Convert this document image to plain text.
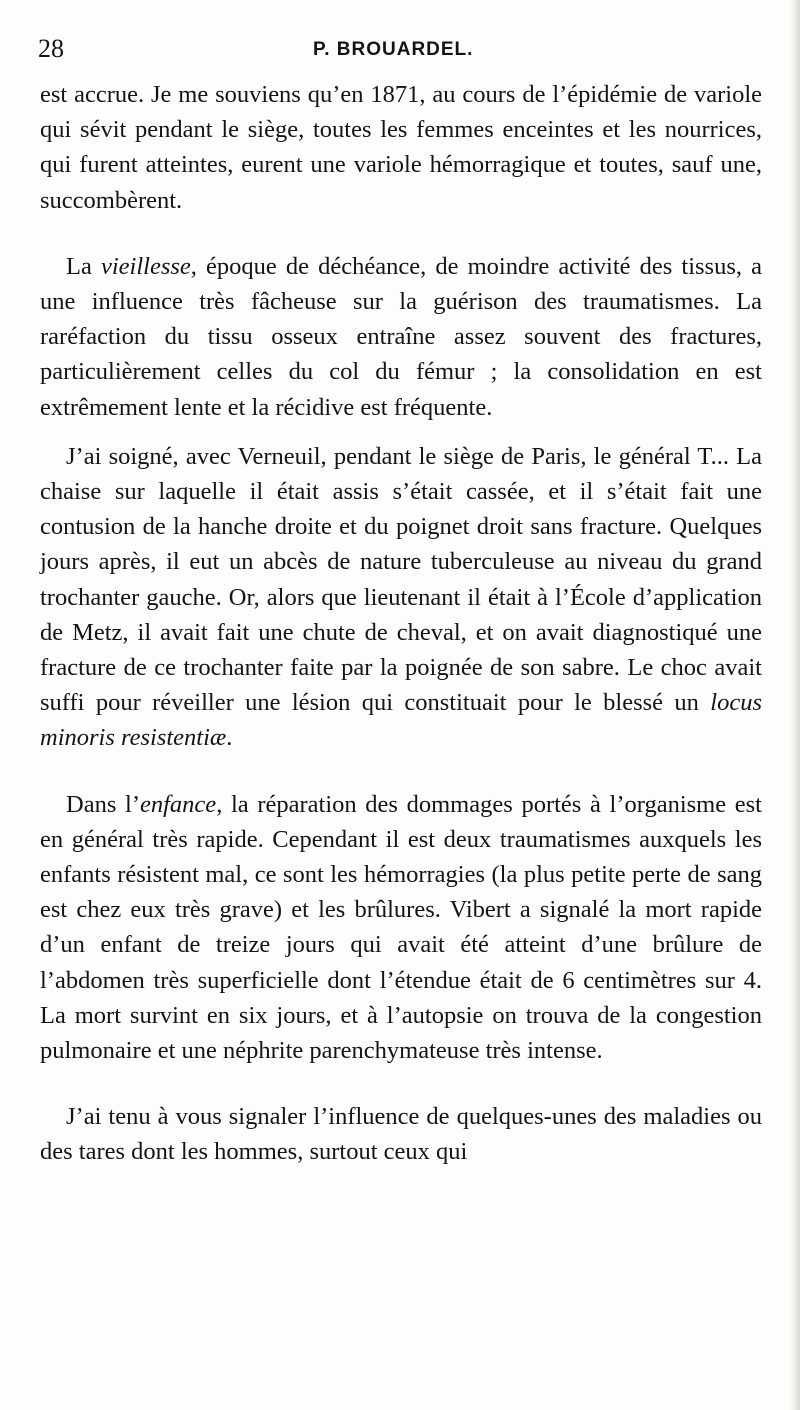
28	P. BROUARDEL.

est accrue. Je me souviens qu’en 1871, au cours de l’épidémie de variole qui sévit pendant le siège, toutes les femmes enceintes et les nourrices, qui furent atteintes, eurent une variole hémorragique et toutes, sauf une, succombèrent.

La vieillesse, époque de déchéance, de moindre activité des tissus, a une influence très fâcheuse sur la guérison des traumatismes. La raréfaction du tissu osseux entraîne assez souvent des fractures, particulièrement celles du col du fémur ; la consolidation en est extrêmement lente et la récidive est fréquente.

J’ai soigné, avec Verneuil, pendant le siège de Paris, le général T... La chaise sur laquelle il était assis s’était cassée, et il s’était fait une contusion de la hanche droite et du poignet droit sans fracture. Quelques jours après, il eut un abcès de nature tuberculeuse au niveau du grand trochanter gauche. Or, alors que lieutenant il était à l’École d’application de Metz, il avait fait une chute de cheval, et on avait diagnostiqué une fracture de ce trochanter faite par la poignée de son sabre. Le choc avait suffi pour réveiller une lésion qui constituait pour le blessé un locus minoris resistentiæ.

Dans l’enfance, la réparation des dommages portés à l’organisme est en général très rapide. Cependant il est deux traumatismes auxquels les enfants résistent mal, ce sont les hémorragies (la plus petite perte de sang est chez eux très grave) et les brûlures. Vibert a signalé la mort rapide d’un enfant de treize jours qui avait été atteint d’une brûlure de l’abdomen très superficielle dont l’étendue était de 6 centimètres sur 4. La mort survint en six jours, et à l’autopsie on trouva de la congestion pulmonaire et une néphrite parenchymateuse très intense.

J’ai tenu à vous signaler l’influence de quelques-unes des maladies ou des tares dont les hommes, surtout ceux qui
